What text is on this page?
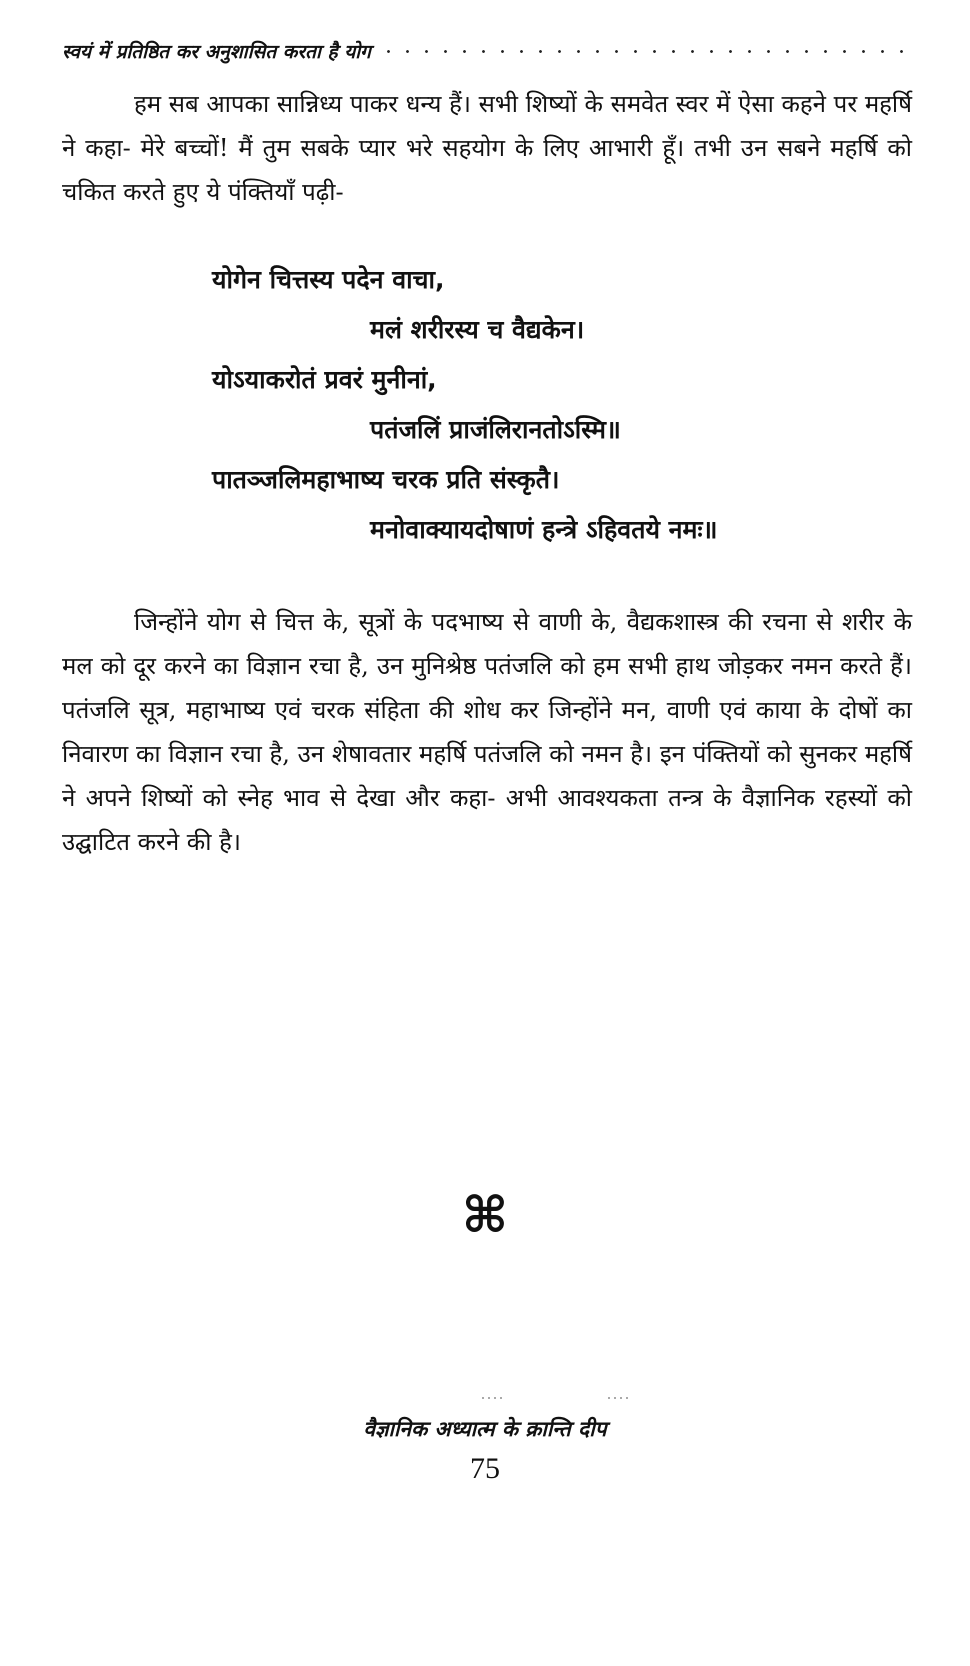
स्वयं में प्रतिष्ठित कर अनुशासित करता है योग

हम सब आपका सान्निध्य पाकर धन्य हैं। सभी शिष्यों के समवेत स्वर में ऐसा कहने पर महर्षि ने कहा- मेरे बच्चों! मैं तुम सबके प्यार भरे सहयोग के लिए आभारी हूँ। तभी उन सबने महर्षि को चकित करते हुए ये पंक्तियाँ पढ़ी-

योगेन चित्तस्य पदेन वाचा,
मलं शरीरस्य च वैद्यकेन।
योऽयाकरोतं प्रवरं मुनीनां,
पतंजलिं प्राजंलिरानतोऽस्मि॥
पातञ्जलिमहाभाष्य चरक प्रति संस्कृतै।
मनोवाक्यायदोषाणं हन्त्रे ऽहिवतये नमः॥

जिन्होंने योग से चित्त के, सूत्रों के पदभाष्य से वाणी के, वैद्यकशास्त्र की रचना से शरीर के मल को दूर करने का विज्ञान रचा है, उन मुनिश्रेष्ठ पतंजलि को हम सभी हाथ जोड़कर नमन करते हैं। पतंजलि सूत्र, महाभाष्य एवं चरक संहिता की शोध कर जिन्होंने मन, वाणी एवं काया के दोषों का निवारण का विज्ञान रचा है, उन शेषावतार महर्षि पतंजलि को नमन है। इन पंक्तियों को सुनकर महर्षि ने अपने शिष्यों को स्नेह भाव से देखा और कहा- अभी आवश्यकता तन्त्र के वैज्ञानिक रहस्यों को उद्घाटित करने की है।

⌘
वैज्ञानिक अध्यात्म के क्रान्ति दीप
75
